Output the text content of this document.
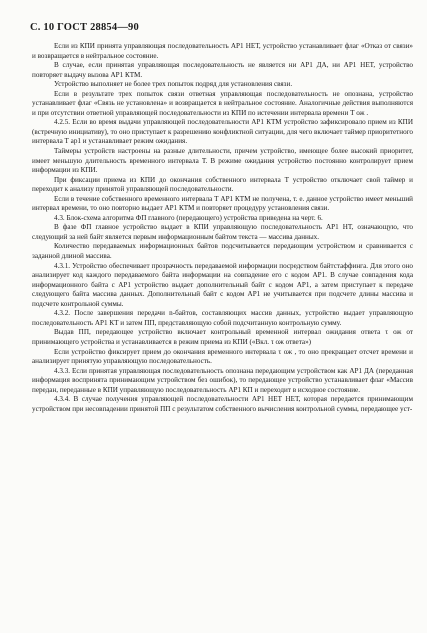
С. 10 ГОСТ 28854—90

Если из КПИ принята управляющая последовательность АР1 НЕТ, устройство устанавливает флаг «Отказ от связи» и возвращается в нейтральное состояние.

В случае, если принятая управляющая последовательность не является ни АР1 ДА, ни АР1 НЕТ, устройство повторяет выдачу вызова АР1 КТМ.

Устройство выполняет не более трех попыток подряд для установления связи.

Если в результате трех попыток связи ответная управляющая последовательность не опознана, устройство устанавливает флаг «Связь не установлена» и возвращается в нейтральное состояние. Аналогичные действия выполняются и при отсутствии ответной управляющей последовательности из КПИ по истечении интервала времени Т ож .

4.2.5. Если во время выдачи управляющей последовательности АР1 КТМ устройство зафиксировало прием из КПИ (встречную инициативу), то оно приступает к разрешению конфликтной ситуации, для чего включает таймер приоритетного интервала Т ар1 и устанавливает режим ожидания.

Таймеры устройств настроены на разные длительности, причем устройство, имеющее более высокий приоритет, имеет меньшую длительность временного интервала Т. В режиме ожидания устройство постоянно контролирует прием информации из КПИ.

При фиксации приема из КПИ до окончания собственного интервала Т устройство отключает свой таймер и переходит к анализу принятой управляющей последовательности.

Если в течение собственного временного интервала Т АР1 КТМ не получена, т. е. данное устройство имеет меньший интервал времени, то оно повторно выдает АР1 КТМ и повторяет процедуру установления связи.

4.3. Блок-схема алгоритма ФП главного (передающего) устройства приведена на черт. 6.

В фазе ФП главное устройство выдает в КПИ управляющую последовательность АР1 НТ, означающую, что следующий за ней байт является первым информационным байтом текста — массива данных.

Количество передаваемых информационных байтов подсчитывается передающим устройством и сравнивается с заданной длиной массива.

4.3.1. Устройство обеспечивает прозрачность передаваемой информации посредством байтстаффинга. Для этого оно анализирует код каждого передаваемого байта информации на совпадение его с кодом АР1. В случае совпадения кода информационного байта с АР1 устройство выдает дополнительный байт с кодом АР1, а затем приступает к передаче следующего байта массива данных. Дополнительный байт с кодом АР1 не учитывается при подсчете длины массива и подсчете контрольной суммы.

4.3.2. После завершения передачи n-байтов, составляющих массив данных, устройство выдает управляющую последовательность АР1 КТ и затем ПП, представляющую собой подсчитанную контрольную сумму.

Выдав ПП, передающее устройство включает контрольный временной интервал ожидания ответа τ ож от принимающего устройства и устанавливается в режим приема из КПИ («Вкл. τ ож ответа»)

Если устройство фиксирует прием до окончания временного интервала τ ож , то оно прекращает отсчет времени и анализирует принятую управляющую последовательность.

4.3.3. Если принятая управляющая последовательность опознана передающим устройством как АР1 ДА (переданная информация воспринята принимающим устройством без ошибок), то передающее устройство устанавливает флаг «Массив передан, переданные в КПИ управляющую последовательность АР1 КП и переходит в исходное состояние.

4.3.4. В случае получения управляющей последовательности АР1 НЕТ НЕТ, которая передается принимающим устройством при несовпадении принятой ПП с результатом собственного вычисления контрольной суммы, передающее уст-
